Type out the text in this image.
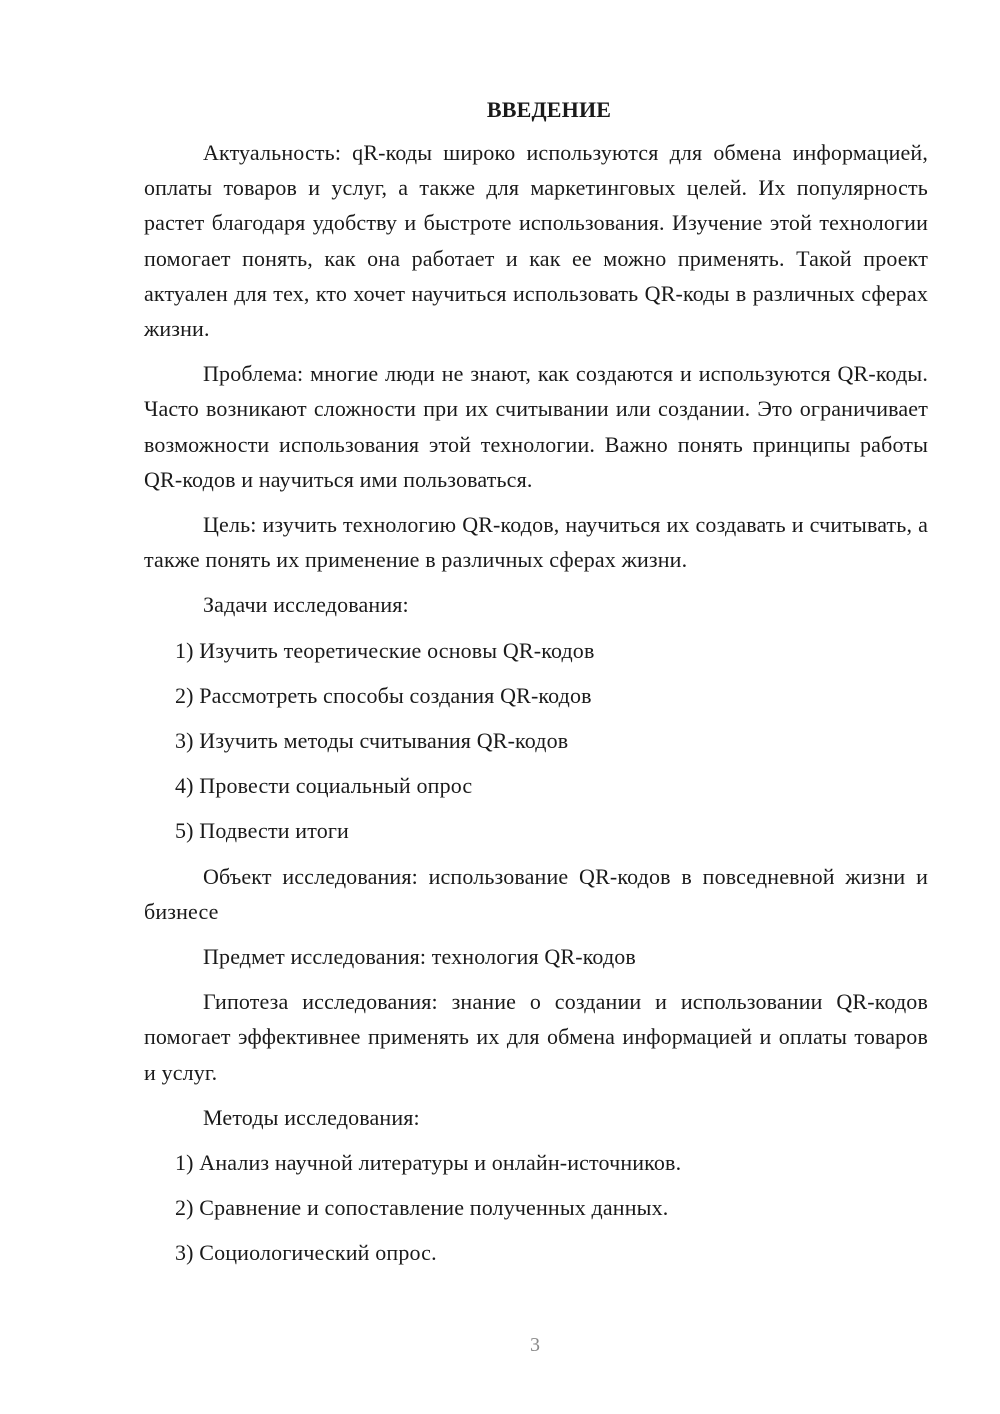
ВВЕДЕНИЕ

Актуальность: qR-коды широко используются для обмена информацией, оплаты товаров и услуг, а также для маркетинговых целей. Их популярность растет благодаря удобству и быстроте использования. Изучение этой технологии помогает понять, как она работает и как ее можно применять. Такой проект актуален для тех, кто хочет научиться использовать QR-коды в различных сферах жизни.

Проблема: многие люди не знают, как создаются и используются QR-коды. Часто возникают сложности при их считывании или создании. Это ограничивает возможности использования этой технологии. Важно понять принципы работы QR-кодов и научиться ими пользоваться.

Цель: изучить технологию QR-кодов, научиться их создавать и считывать, а также понять их применение в различных сферах жизни.

Задачи исследования:

1) Изучить теоретические основы QR-кодов
2) Рассмотреть способы создания QR-кодов
3) Изучить методы считывания QR-кодов
4) Провести социальный опрос
5) Подвести итоги

Объект исследования: использование QR-кодов в повседневной жизни и бизнесе

Предмет исследования: технология QR-кодов

Гипотеза исследования: знание о создании и использовании QR-кодов помогает эффективнее применять их для обмена информацией и оплаты товаров и услуг.

Методы исследования:

1) Анализ научной литературы и онлайн-источников.
2) Сравнение и сопоставление полученных данных.
3) Социологический опрос.
3
